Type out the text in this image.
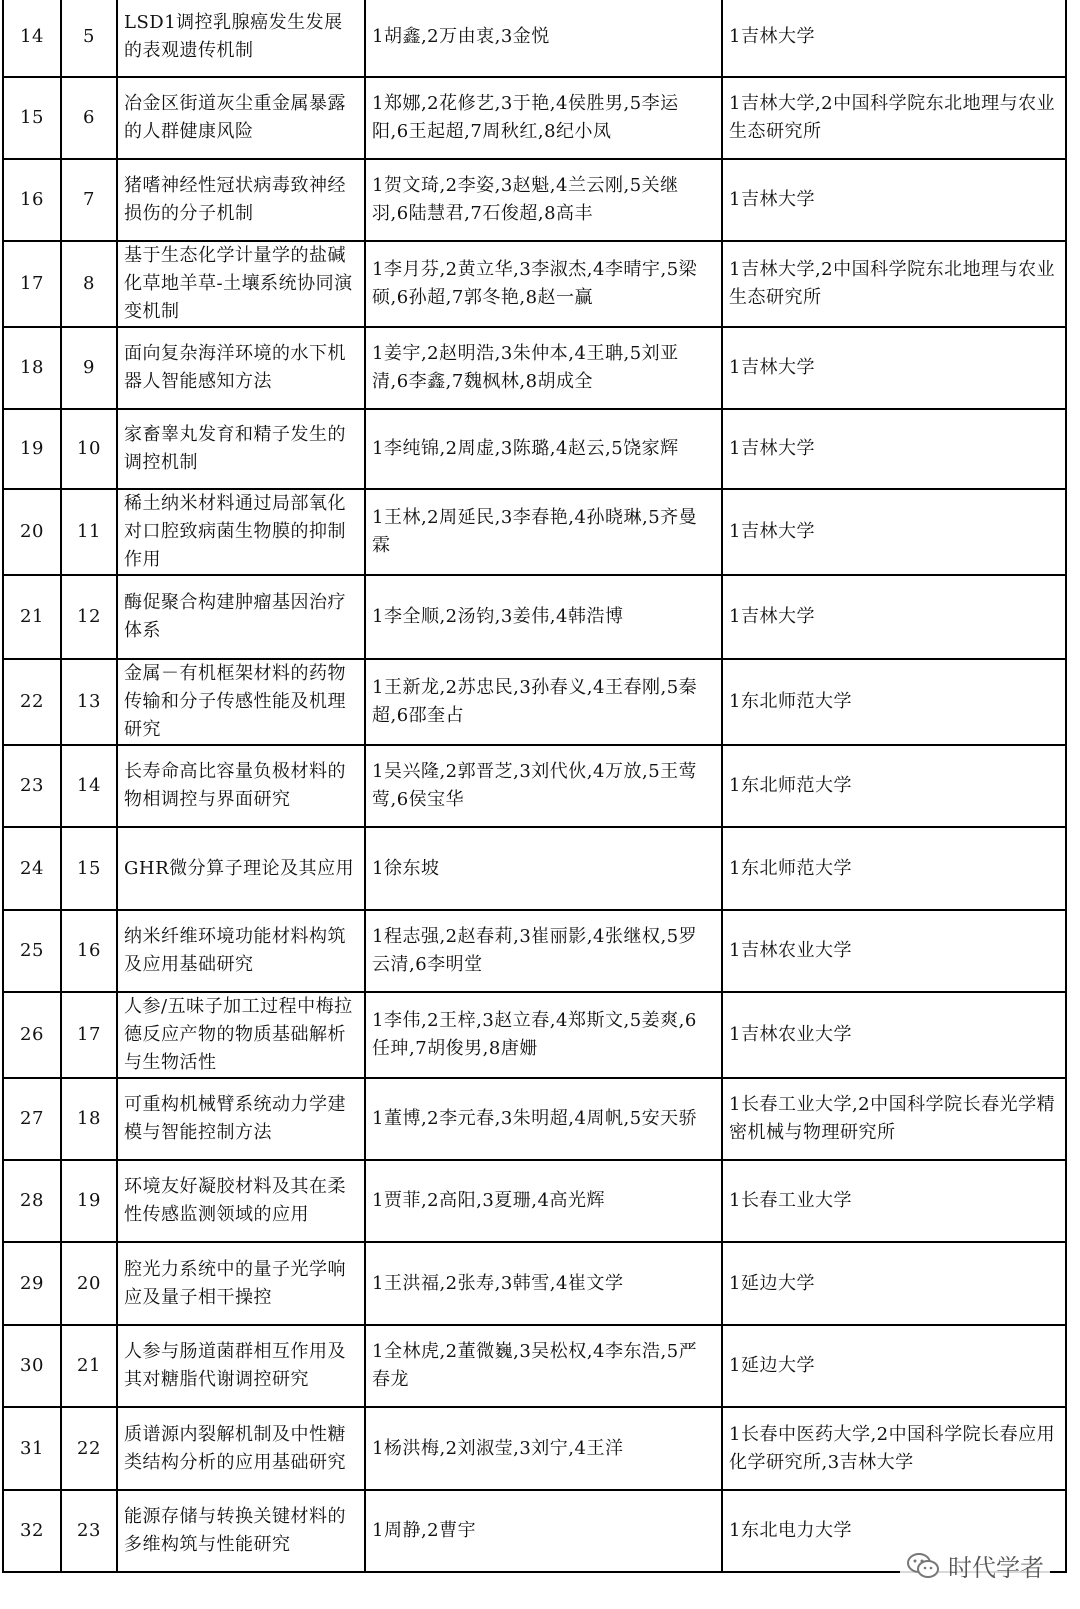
14	5	LSD1调控乳腺癌发生发展的表观遗传机制	1胡鑫,2万由衷,3金悦	1吉林大学
15	6	冶金区街道灰尘重金属暴露的人群健康风险	1郑娜,2花修艺,3于艳,4侯胜男,5李运阳,6王起超,7周秋红,8纪小凤	1吉林大学,2中国科学院东北地理与农业生态研究所
16	7	猪嗜神经性冠状病毒致神经损伤的分子机制	1贺文琦,2李姿,3赵魁,4兰云刚,5关继羽,6陆慧君,7石俊超,8高丰	1吉林大学
17	8	基于生态化学计量学的盐碱化草地羊草-土壤系统协同演变机制	1李月芬,2黄立华,3李淑杰,4李晴宇,5梁硕,6孙超,7郭冬艳,8赵一赢	1吉林大学,2中国科学院东北地理与农业生态研究所
18	9	面向复杂海洋环境的水下机器人智能感知方法	1姜宇,2赵明浩,3朱仲本,4王聃,5刘亚清,6李鑫,7魏枫林,8胡成全	1吉林大学
19	10	家畜睾丸发育和精子发生的调控机制	1李纯锦,2周虚,3陈璐,4赵云,5饶家辉	1吉林大学
20	11	稀土纳米材料通过局部氧化对口腔致病菌生物膜的抑制作用	1王林,2周延民,3李春艳,4孙晓琳,5齐曼霖	1吉林大学
21	12	酶促聚合构建肿瘤基因治疗体系	1李全顺,2汤钧,3姜伟,4韩浩博	1吉林大学
22	13	金属－有机框架材料的药物传输和分子传感性能及机理研究	1王新龙,2苏忠民,3孙春义,4王春刚,5秦超,6邵奎占	1东北师范大学
23	14	长寿命高比容量负极材料的物相调控与界面研究	1吴兴隆,2郭晋芝,3刘代伙,4万放,5王莺莺,6侯宝华	1东北师范大学
24	15	GHR微分算子理论及其应用	1徐东坡	1东北师范大学
25	16	纳米纤维环境功能材料构筑及应用基础研究	1程志强,2赵春莉,3崔丽影,4张继权,5罗云清,6李明堂	1吉林农业大学
26	17	人参/五味子加工过程中梅拉德反应产物的物质基础解析与生物活性	1李伟,2王梓,3赵立春,4郑斯文,5姜爽,6任珅,7胡俊男,8唐姗	1吉林农业大学
27	18	可重构机械臂系统动力学建模与智能控制方法	1董博,2李元春,3朱明超,4周帆,5安天骄	1长春工业大学,2中国科学院长春光学精密机械与物理研究所
28	19	环境友好凝胶材料及其在柔性传感监测领域的应用	1贾菲,2高阳,3夏珊,4高光辉	1长春工业大学
29	20	腔光力系统中的量子光学响应及量子相干操控	1王洪福,2张寿,3韩雪,4崔文学	1延边大学
30	21	人参与肠道菌群相互作用及其对糖脂代谢调控研究	1全林虎,2董微巍,3吴松权,4李东浩,5严春龙	1延边大学
31	22	质谱源内裂解机制及中性糖类结构分析的应用基础研究	1杨洪梅,2刘淑莹,3刘宁,4王洋	1长春中医药大学,2中国科学院长春应用化学研究所,3吉林大学
32	23	能源存储与转换关键材料的多维构筑与性能研究	1周静,2曹宇	1东北电力大学
时代学者
